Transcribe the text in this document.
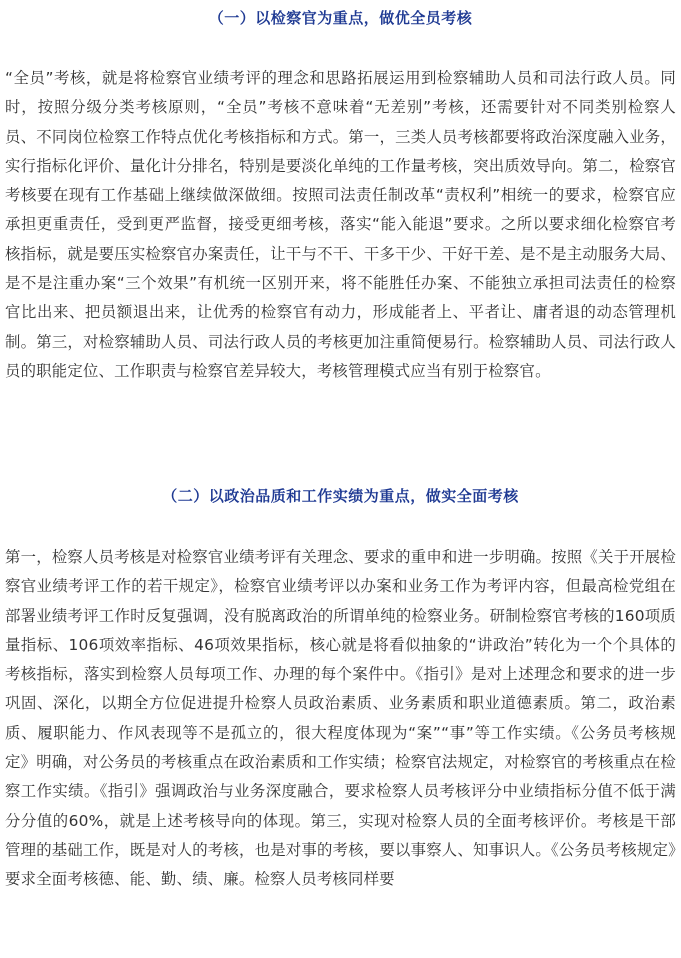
（一）以检察官为重点，做优全员考核

“全员”考核，就是将检察官业绩考评的理念和思路拓展运用到检察辅助人员和司法行政人员。同时，按照分级分类考核原则，“全员”考核不意味着“无差别”考核，还需要针对不同类别检察人员、不同岗位检察工作特点优化考核指标和方式。第一，三类人员考核都要将政治深度融入业务，实行指标化评价、量化计分排名，特别是要淡化单纯的工作量考核，突出质效导向。第二，检察官考核要在现有工作基础上继续做深做细。按照司法责任制改革“责权利”相统一的要求，检察官应承担更重责任，受到更严监督，接受更细考核，落实“能入能退”要求。之所以要求细化检察官考核指标，就是要压实检察官办案责任，让干与不干、干多干少、干好干差、是不是主动服务大局、是不是注重办案“三个效果”有机统一区别开来，将不能胜任办案、不能独立承担司法责任的检察官比出来、把员额退出来，让优秀的检察官有动力，形成能者上、平者让、庸者退的动态管理机制。第三，对检察辅助人员、司法行政人员的考核更加注重简便易行。检察辅助人员、司法行政人员的职能定位、工作职责与检察官差异较大，考核管理模式应当有别于检察官。

（二）以政治品质和工作实绩为重点，做实全面考核

第一，检察人员考核是对检察官业绩考评有关理念、要求的重申和进一步明确。按照《关于开展检察官业绩考评工作的若干规定》，检察官业绩考评以办案和业务工作为考评内容，但最高检党组在部署业绩考评工作时反复强调，没有脱离政治的所谓单纯的检察业务。研制检察官考核的160项质量指标、106项效率指标、46项效果指标，核心就是将看似抽象的“讲政治”转化为一个个具体的考核指标，落实到检察人员每项工作、办理的每个案件中。《指引》是对上述理念和要求的进一步巩固、深化，以期全方位促进提升检察人员政治素质、业务素质和职业道德素质。第二，政治素质、履职能力、作风表现等不是孤立的，很大程度体现为“案”“事”等工作实绩。《公务员考核规定》明确，对公务员的考核重点在政治素质和工作实绩；检察官法规定，对检察官的考核重点在检察工作实绩。《指引》强调政治与业务深度融合，要求检察人员考核评分中业绩指标分值不低于满分分值的60%，就是上述考核导向的体现。第三，实现对检察人员的全面考核评价。考核是干部管理的基础工作，既是对人的考核，也是对事的考核，要以事察人、知事识人。《公务员考核规定》要求全面考核德、能、勤、绩、廉。检察人员考核同样要
